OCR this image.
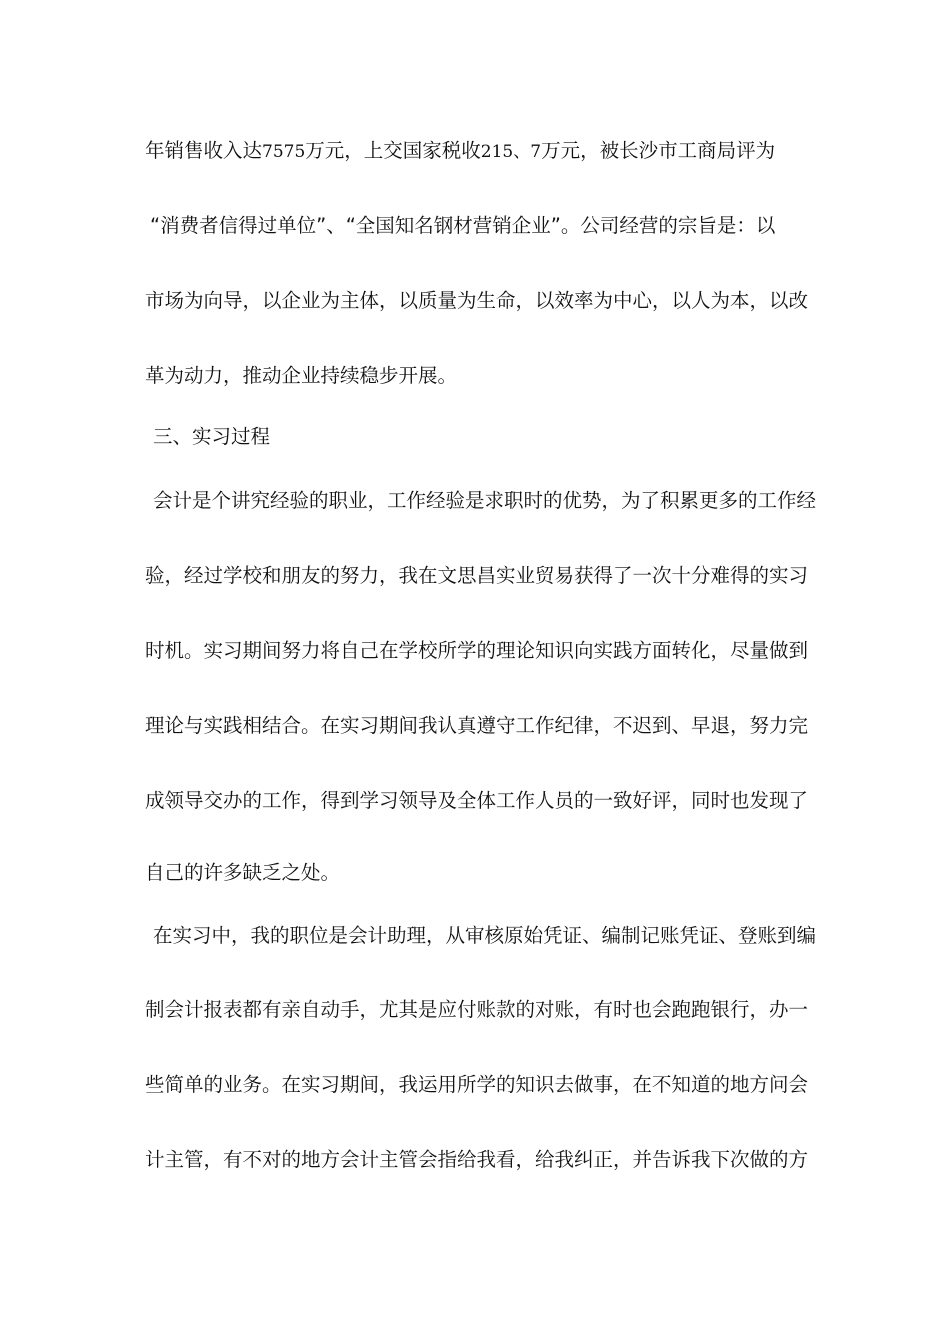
年销售收入达7575万元，上交国家税收215、7万元，被长沙市工商局评为
“消费者信得过单位”、“全国知名钢材营销企业”。公司经营的宗旨是：以
市场为向导，以企业为主体，以质量为生命，以效率为中心，以人为本，以改
革为动力，推动企业持续稳步开展。
三、实习过程
会计是个讲究经验的职业，工作经验是求职时的优势，为了积累更多的工作经
验，经过学校和朋友的努力，我在文思昌实业贸易获得了一次十分难得的实习
时机。实习期间努力将自己在学校所学的理论知识向实践方面转化，尽量做到
理论与实践相结合。在实习期间我认真遵守工作纪律，不迟到、早退，努力完
成领导交办的工作，得到学习领导及全体工作人员的一致好评，同时也发现了
自己的许多缺乏之处。
在实习中，我的职位是会计助理，从审核原始凭证、编制记账凭证、登账到编
制会计报表都有亲自动手，尤其是应付账款的对账，有时也会跑跑银行，办一
些简单的业务。在实习期间，我运用所学的知识去做事，在不知道的地方问会
计主管，有不对的地方会计主管会指给我看，给我纠正，并告诉我下次做的方
